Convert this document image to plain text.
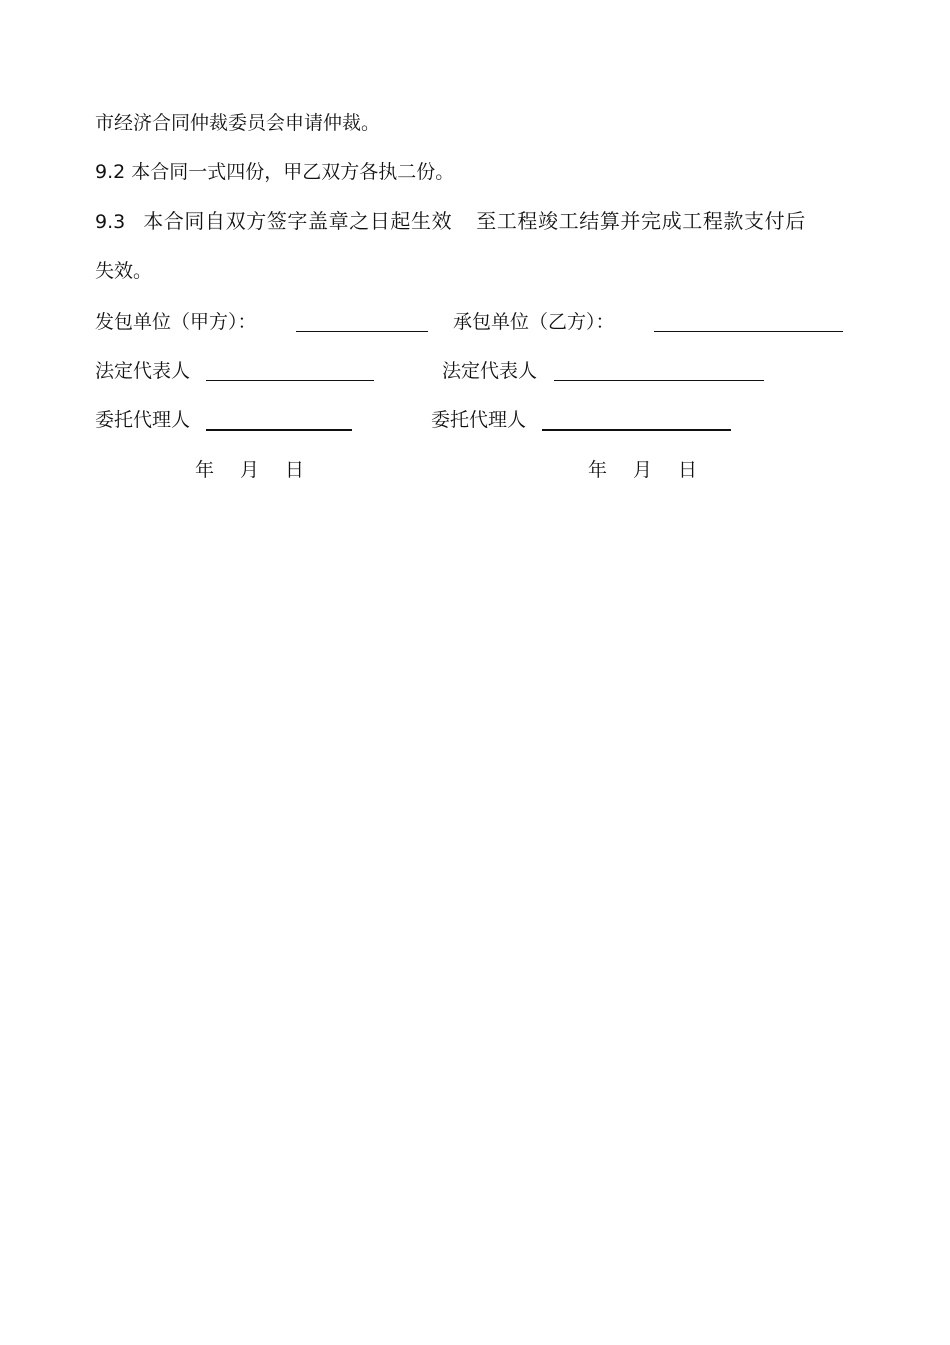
市经济合同仲裁委员会申请仲裁。
9.2 本合同一式四份，甲乙双方各执二份。
9.3 本合同自双方签字盖章之日起生效 至工程竣工结算并完成工程款支付后
失效。
发包单位（甲方）：	承包单位（乙方）：
法定代表人	法定代表人
委托代理人	委托代理人
年 月 日	年 月 日
